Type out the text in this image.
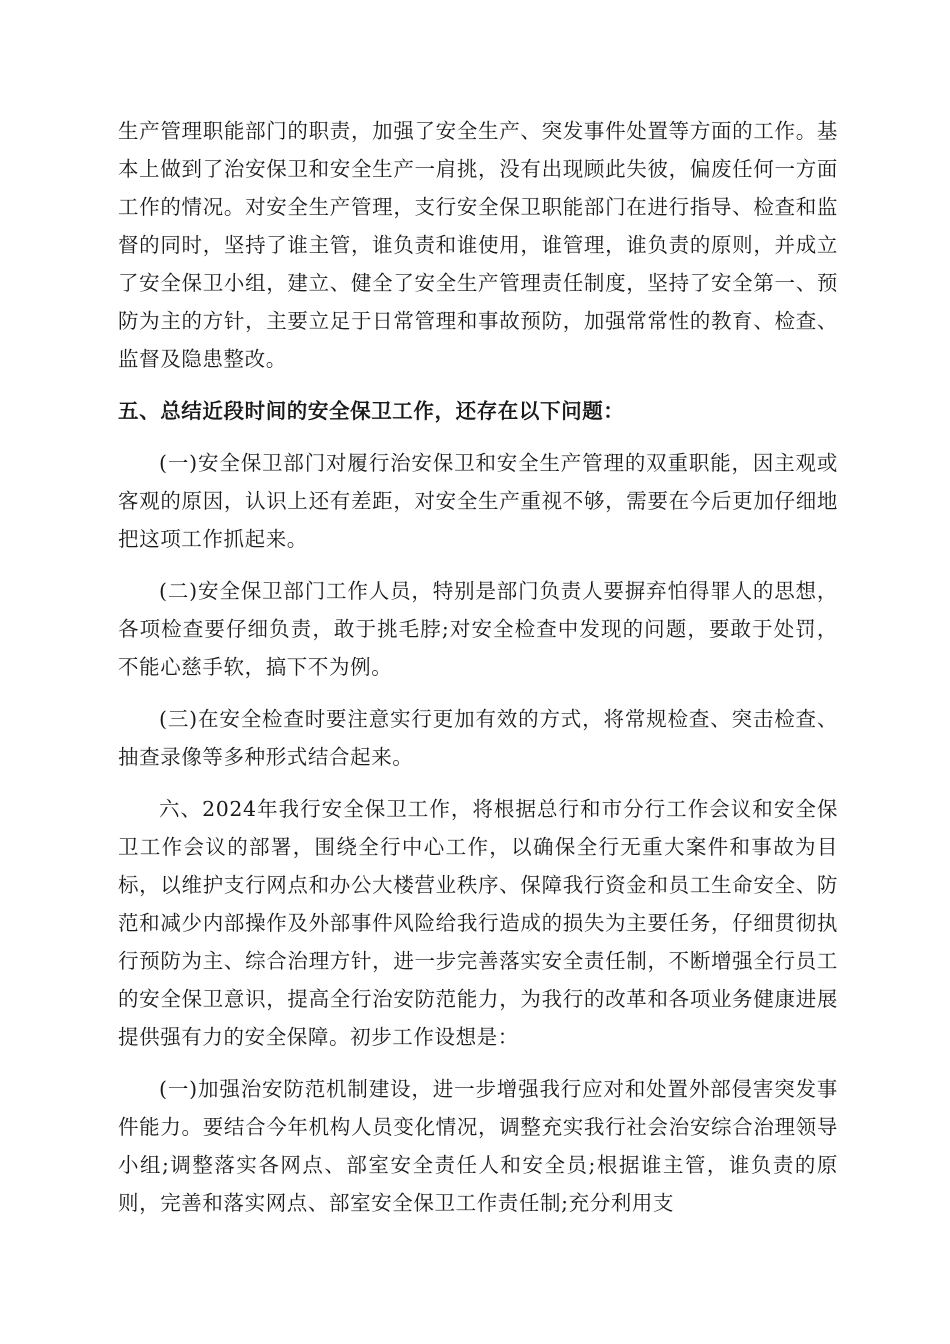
生产管理职能部门的职责，加强了安全生产、突发事件处置等方面的工作。基本上做到了治安保卫和安全生产一肩挑，没有出现顾此失彼，偏废任何一方面工作的情况。对安全生产管理，支行安全保卫职能部门在进行指导、检查和监督的同时，坚持了谁主管，谁负责和谁使用，谁管理，谁负责的原则，并成立了安全保卫小组，建立、健全了安全生产管理责任制度，坚持了安全第一、预防为主的方针，主要立足于日常管理和事故预防，加强常常性的教育、检查、监督及隐患整改。

五、总结近段时间的安全保卫工作，还存在以下问题：

(一)安全保卫部门对履行治安保卫和安全生产管理的双重职能，因主观或客观的原因，认识上还有差距，对安全生产重视不够，需要在今后更加仔细地把这项工作抓起来。

(二)安全保卫部门工作人员，特别是部门负责人要摒弃怕得罪人的思想，各项检查要仔细负责，敢于挑毛脖;对安全检查中发现的问题，要敢于处罚，不能心慈手软，搞下不为例。

(三)在安全检查时要注意实行更加有效的方式，将常规检查、突击检查、抽查录像等多种形式结合起来。

六、2024年我行安全保卫工作，将根据总行和市分行工作会议和安全保卫工作会议的部署，围绕全行中心工作，以确保全行无重大案件和事故为目标，以维护支行网点和办公大楼营业秩序、保障我行资金和员工生命安全、防范和减少内部操作及外部事件风险给我行造成的损失为主要任务，仔细贯彻执行预防为主、综合治理方针，进一步完善落实安全责任制，不断增强全行员工的安全保卫意识，提高全行治安防范能力，为我行的改革和各项业务健康进展提供强有力的安全保障。初步工作设想是：

(一)加强治安防范机制建设，进一步增强我行应对和处置外部侵害突发事件能力。要结合今年机构人员变化情况，调整充实我行社会治安综合治理领导小组;调整落实各网点、部室安全责任人和安全员;根据谁主管，谁负责的原则，完善和落实网点、部室安全保卫工作责任制;充分利用支
